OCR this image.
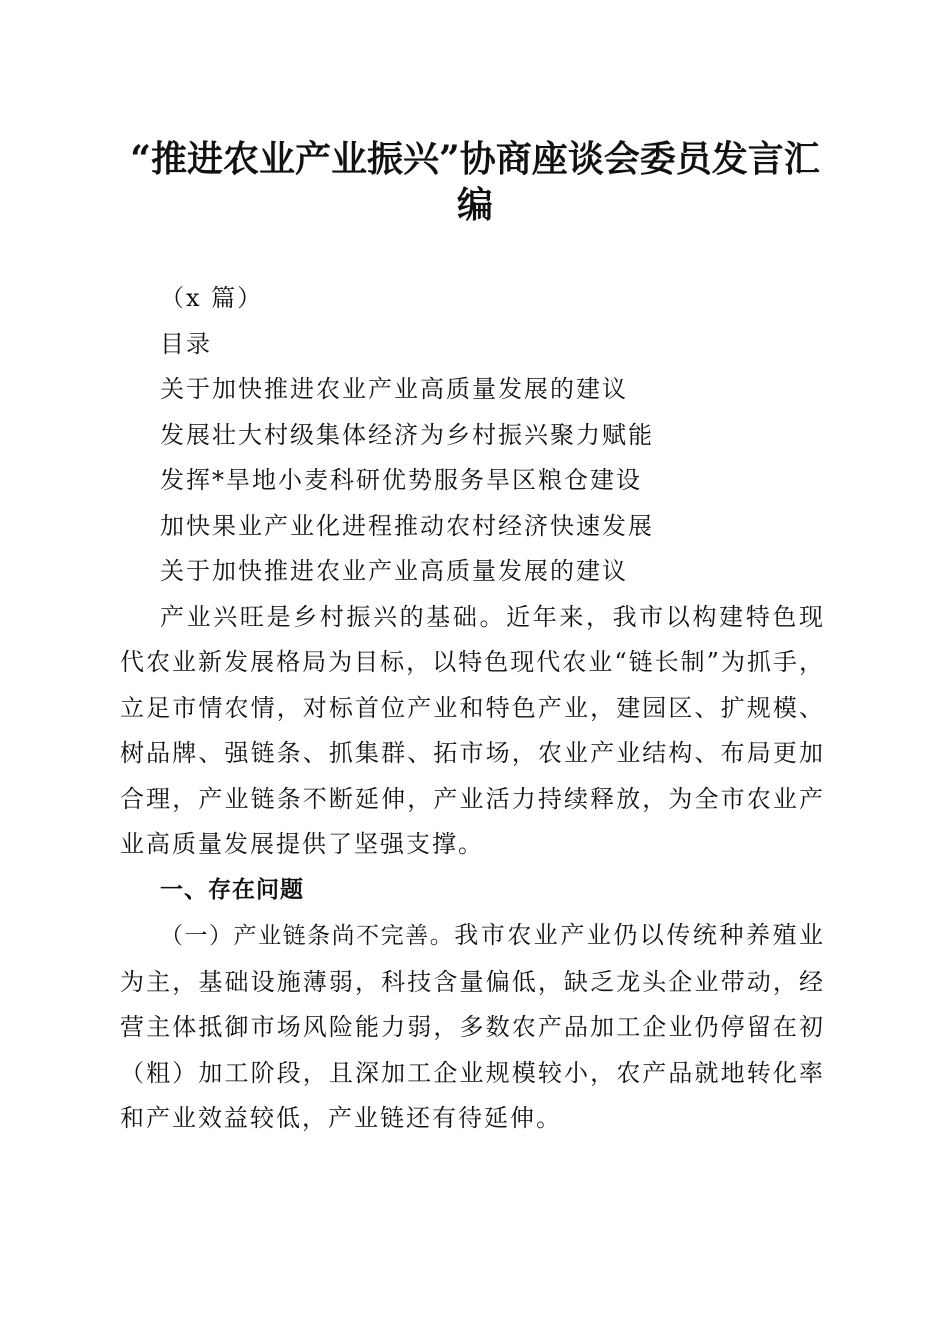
“推进农业产业振兴”协商座谈会委员发言汇
编

（x 篇）

目录

关于加快推进农业产业高质量发展的建议

发展壮大村级集体经济为乡村振兴聚力赋能

发挥*旱地小麦科研优势服务旱区粮仓建设

加快果业产业化进程推动农村经济快速发展

关于加快推进农业产业高质量发展的建议

产业兴旺是乡村振兴的基础。近年来，我市以构建特色现代农业新发展格局为目标，以特色现代农业“链长制”为抓手，立足市情农情，对标首位产业和特色产业，建园区、扩规模、树品牌、强链条、抓集群、拓市场，农业产业结构、布局更加合理，产业链条不断延伸，产业活力持续释放，为全市农业产业高质量发展提供了坚强支撑。

一、存在问题

（一）产业链条尚不完善。我市农业产业仍以传统种养殖业为主，基础设施薄弱，科技含量偏低，缺乏龙头企业带动，经营主体抵御市场风险能力弱，多数农产品加工企业仍停留在初（粗）加工阶段，且深加工企业规模较小，农产品就地转化率和产业效益较低，产业链还有待延伸。
